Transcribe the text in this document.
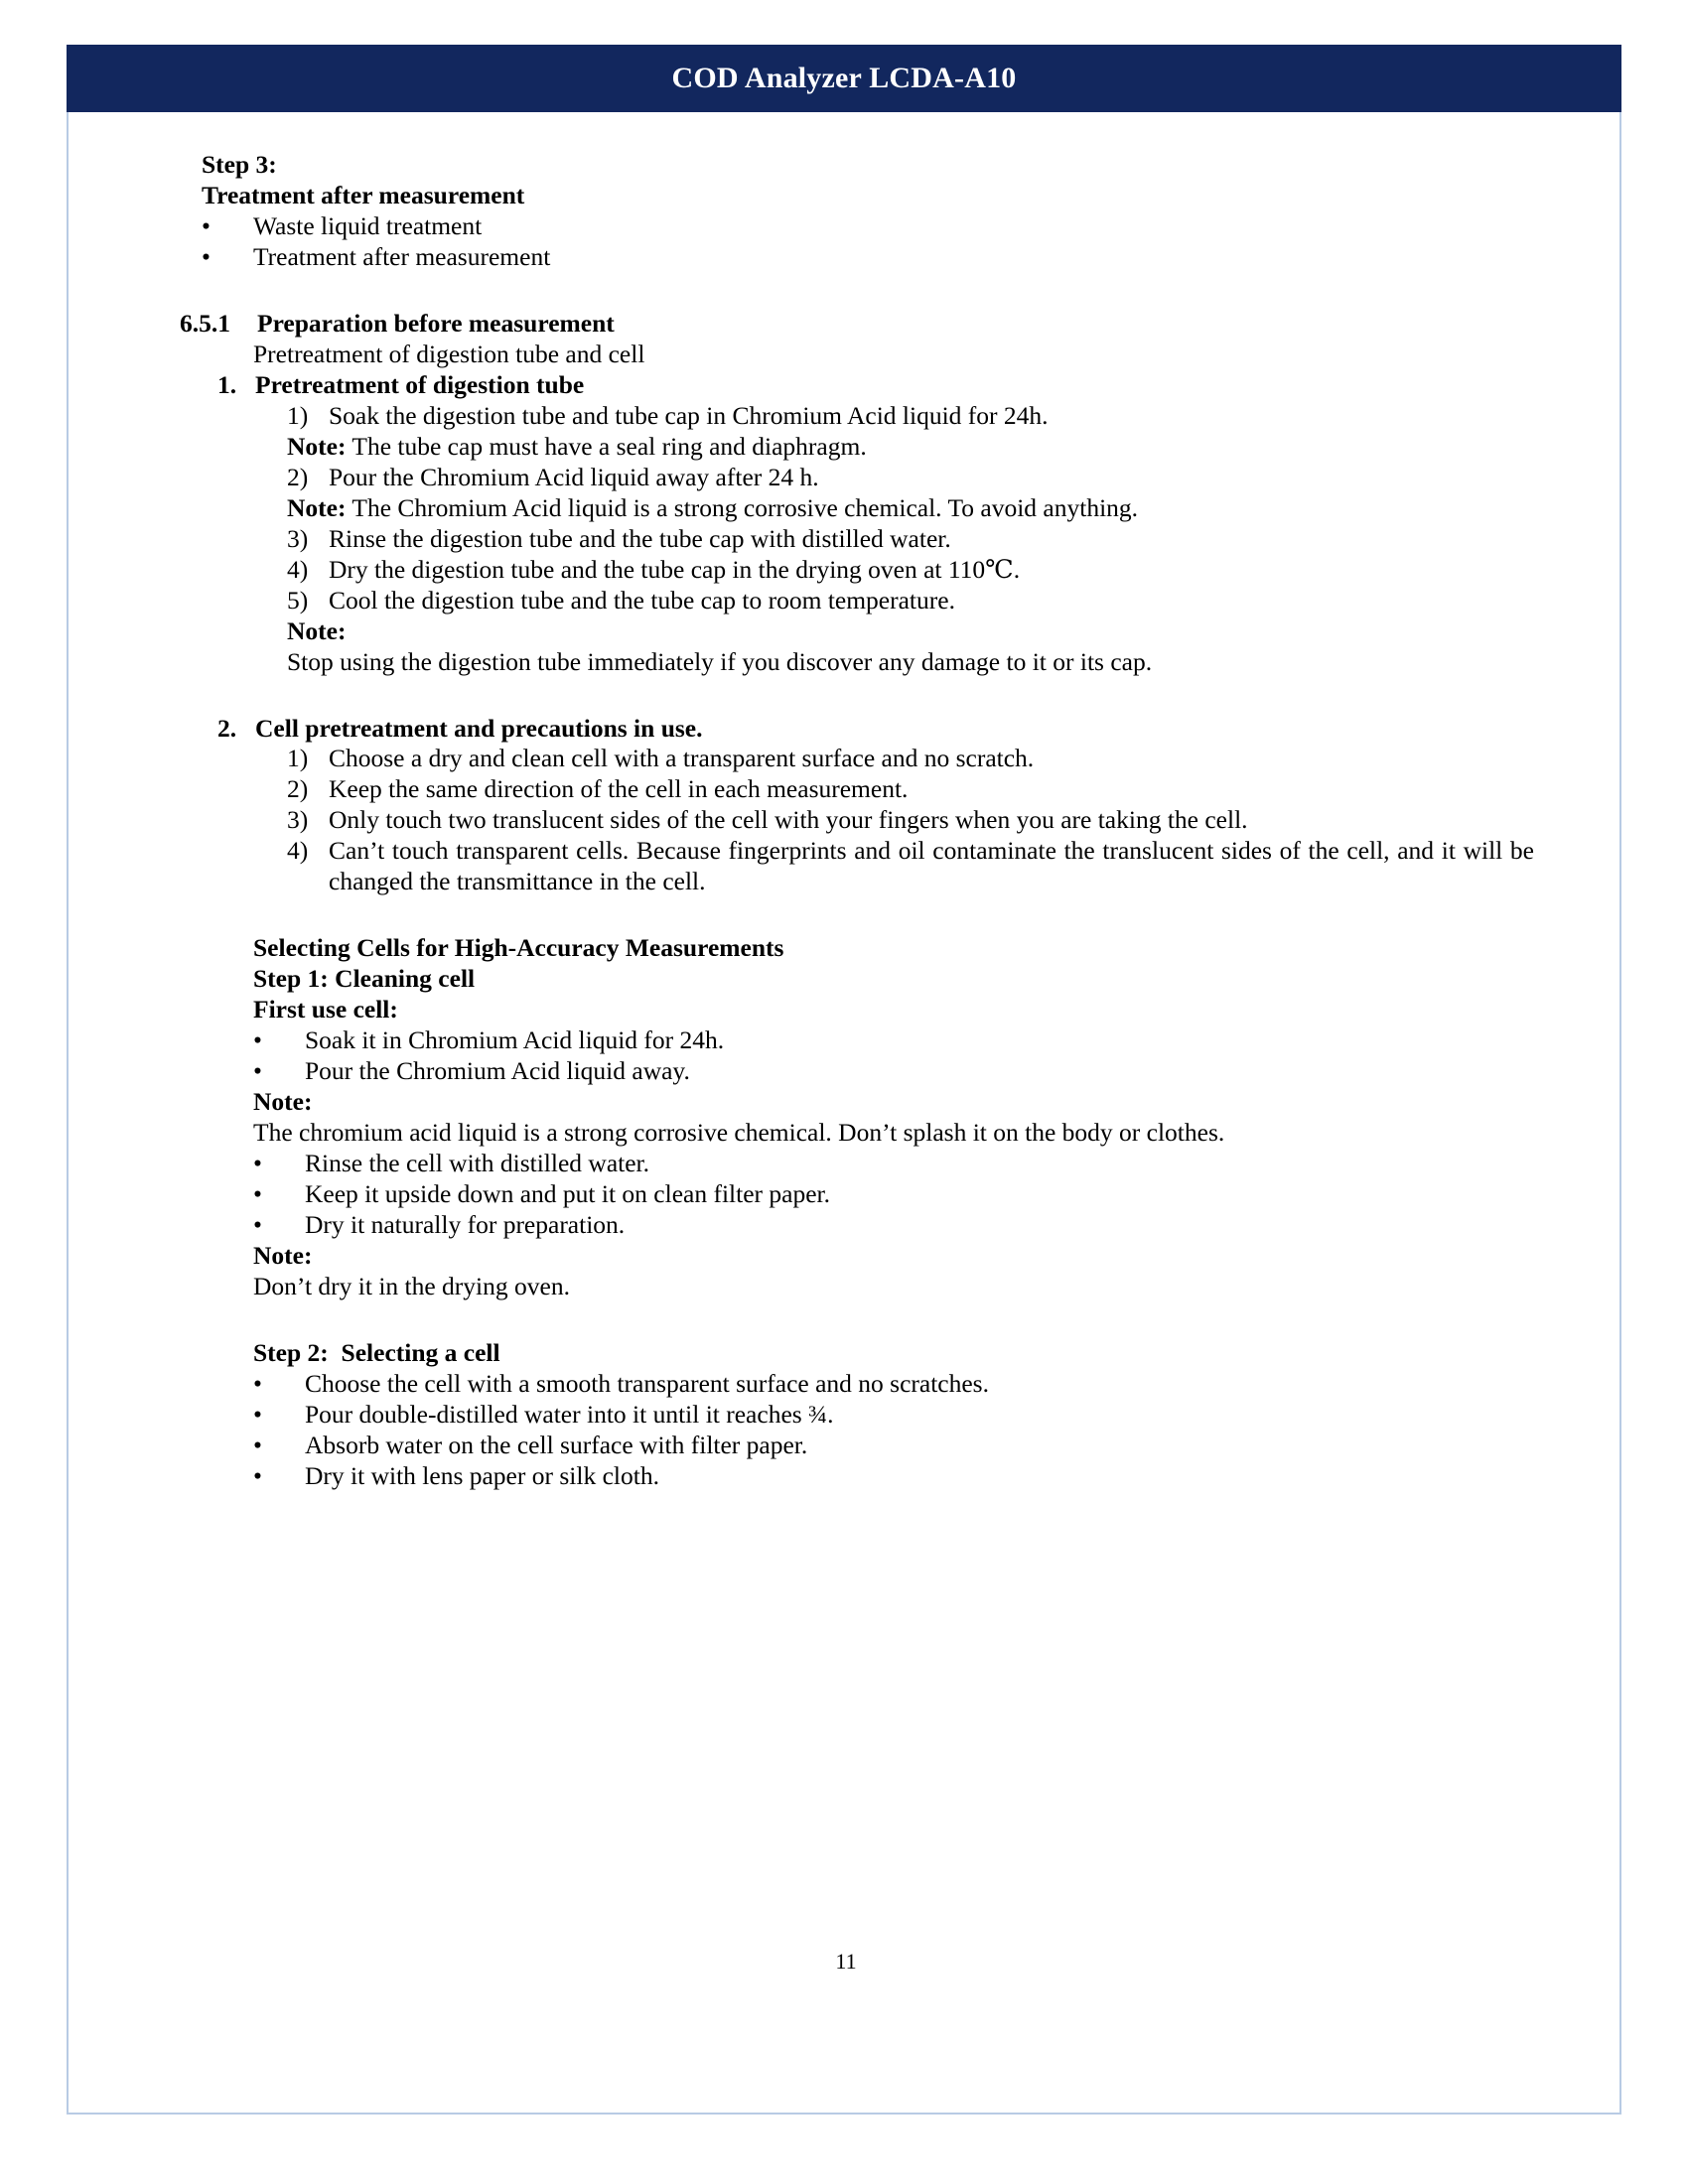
COD Analyzer LCDA-A10
Step 3:
Treatment after measurement
•	Waste liquid treatment
•	Treatment after measurement
6.5.1	Preparation before measurement
Pretreatment of digestion tube and cell
1. Pretreatment of digestion tube
1) Soak the digestion tube and tube cap in Chromium Acid liquid for 24h.
Note: The tube cap must have a seal ring and diaphragm.
2) Pour the Chromium Acid liquid away after 24 h.
Note: The Chromium Acid liquid is a strong corrosive chemical. To avoid anything.
3) Rinse the digestion tube and the tube cap with distilled water.
4) Dry the digestion tube and the tube cap in the drying oven at 110℃.
5) Cool the digestion tube and the tube cap to room temperature.
Note:
Stop using the digestion tube immediately if you discover any damage to it or its cap.
2. Cell pretreatment and precautions in use.
1) Choose a dry and clean cell with a transparent surface and no scratch.
2) Keep the same direction of the cell in each measurement.
3) Only touch two translucent sides of the cell with your fingers when you are taking the cell.
4) Can’t touch transparent cells. Because fingerprints and oil contaminate the translucent sides of the cell, and it will be changed the transmittance in the cell.
Selecting Cells for High-Accuracy Measurements
Step 1: Cleaning cell
First use cell:
•	Soak it in Chromium Acid liquid for 24h.
•	Pour the Chromium Acid liquid away.
Note:
The chromium acid liquid is a strong corrosive chemical. Don’t splash it on the body or clothes.
•	Rinse the cell with distilled water.
•	Keep it upside down and put it on clean filter paper.
•	Dry it naturally for preparation.
Note:
Don’t dry it in the drying oven.
Step 2:  Selecting a cell
•	Choose the cell with a smooth transparent surface and no scratches.
•	Pour double-distilled water into it until it reaches ¾.
•	Absorb water on the cell surface with filter paper.
•	Dry it with lens paper or silk cloth.
11
